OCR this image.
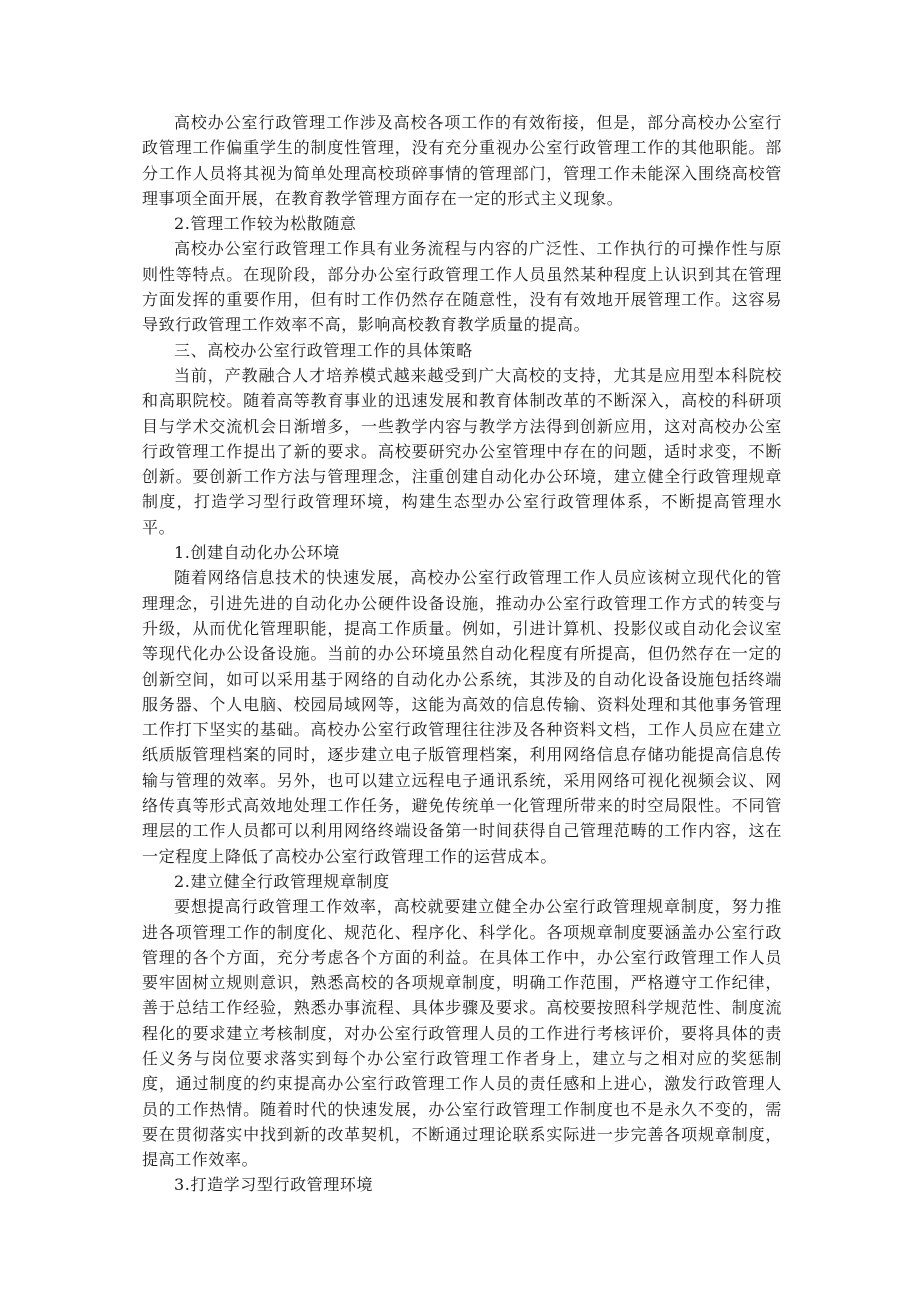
高校办公室行政管理工作涉及高校各项工作的有效衔接，但是，部分高校办公室行政管理工作偏重学生的制度性管理，没有充分重视办公室行政管理工作的其他职能。部分工作人员将其视为简单处理高校琐碎事情的管理部门，管理工作未能深入围绕高校管理事项全面开展，在教育教学管理方面存在一定的形式主义现象。

2.管理工作较为松散随意

高校办公室行政管理工作具有业务流程与内容的广泛性、工作执行的可操作性与原则性等特点。在现阶段，部分办公室行政管理工作人员虽然某种程度上认识到其在管理方面发挥的重要作用，但有时工作仍然存在随意性，没有有效地开展管理工作。这容易导致行政管理工作效率不高，影响高校教育教学质量的提高。

三、高校办公室行政管理工作的具体策略

当前，产教融合人才培养模式越来越受到广大高校的支持，尤其是应用型本科院校和高职院校。随着高等教育事业的迅速发展和教育体制改革的不断深入，高校的科研项目与学术交流机会日渐增多，一些教学内容与教学方法得到创新应用，这对高校办公室行政管理工作提出了新的要求。高校要研究办公室管理中存在的问题，适时求变，不断创新。要创新工作方法与管理理念，注重创建自动化办公环境，建立健全行政管理规章制度，打造学习型行政管理环境，构建生态型办公室行政管理体系，不断提高管理水平。

1.创建自动化办公环境

随着网络信息技术的快速发展，高校办公室行政管理工作人员应该树立现代化的管理理念，引进先进的自动化办公硬件设备设施，推动办公室行政管理工作方式的转变与升级，从而优化管理职能，提高工作质量。例如，引进计算机、投影仪或自动化会议室等现代化办公设备设施。当前的办公环境虽然自动化程度有所提高，但仍然存在一定的创新空间，如可以采用基于网络的自动化办公系统，其涉及的自动化设备设施包括终端服务器、个人电脑、校园局域网等，这能为高效的信息传输、资料处理和其他事务管理工作打下坚实的基础。高校办公室行政管理往往涉及各种资料文档，工作人员应在建立纸质版管理档案的同时，逐步建立电子版管理档案，利用网络信息存储功能提高信息传输与管理的效率。另外，也可以建立远程电子通讯系统，采用网络可视化视频会议、网络传真等形式高效地处理工作任务，避免传统单一化管理所带来的时空局限性。不同管理层的工作人员都可以利用网络终端设备第一时间获得自己管理范畴的工作内容，这在一定程度上降低了高校办公室行政管理工作的运营成本。

2.建立健全行政管理规章制度

要想提高行政管理工作效率，高校就要建立健全办公室行政管理规章制度，努力推进各项管理工作的制度化、规范化、程序化、科学化。各项规章制度要涵盖办公室行政管理的各个方面，充分考虑各个方面的利益。在具体工作中，办公室行政管理工作人员要牢固树立规则意识，熟悉高校的各项规章制度，明确工作范围，严格遵守工作纪律，善于总结工作经验，熟悉办事流程、具体步骤及要求。高校要按照科学规范性、制度流程化的要求建立考核制度，对办公室行政管理人员的工作进行考核评价，要将具体的责任义务与岗位要求落实到每个办公室行政管理工作者身上，建立与之相对应的奖惩制度，通过制度的约束提高办公室行政管理工作人员的责任感和上进心，激发行政管理人员的工作热情。随着时代的快速发展，办公室行政管理工作制度也不是永久不变的，需要在贯彻落实中找到新的改革契机，不断通过理论联系实际进一步完善各项规章制度，提高工作效率。

3.打造学习型行政管理环境
